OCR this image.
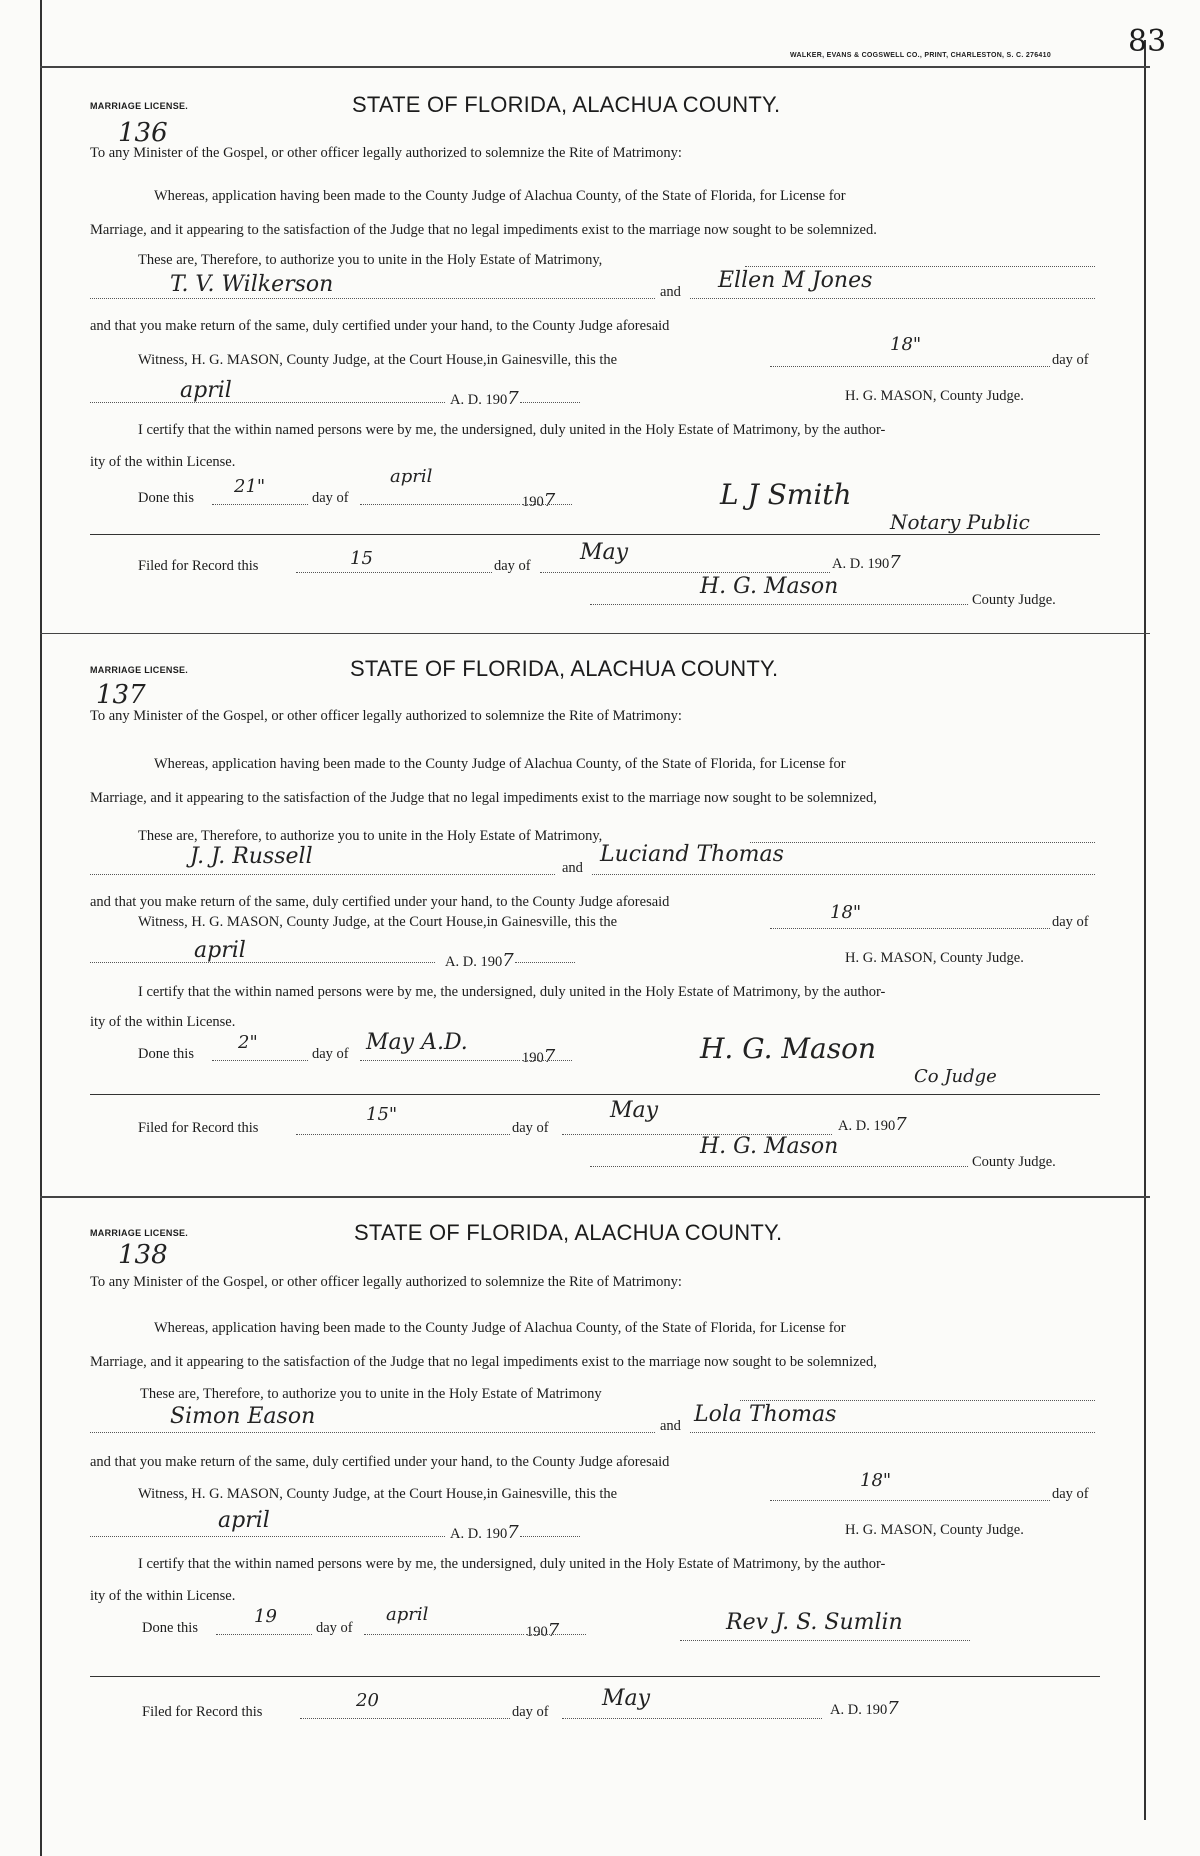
WALKER, EVANS & COGSWELL CO., PRINT, CHARLESTON, S. C. 276410	83
MARRIAGE LICENSE.
136
STATE OF FLORIDA, ALACHUA COUNTY.
To any Minister of the Gospel, or other officer legally authorized to solemnize the Rite of Matrimony:
Whereas, application having been made to the County Judge of Alachua County, of the State of Florida, for License for
Marriage, and it appearing to the satisfaction of the Judge that no legal impediments exist to the marriage now sought to be solemnized.
These are, Therefore, to authorize you to unite in the Holy Estate of Matrimony,
T. V. Wilkerson	and Ellen M Jones
and that you make return of the same, duly certified under your hand, to the County Judge aforesaid
Witness, H. G. MASON, County Judge, at the Court House,in Gainesville, this the
18"
day of
april	A. D. 1907	H. G. MASON, County Judge.
I certify that the within named persons were by me, the undersigned, duly united in the Holy Estate of Matrimony, by the author-
ity of the within License.
Done this
21"
day of
april
1907	L J Smith
Notary Public
Filed for Record this	15	day of
May	A. D. 1907
H. G. Mason
County Judge.
MARRIAGE LICENSE.
137
STATE OF FLORIDA, ALACHUA COUNTY.
To any Minister of the Gospel, or other officer legally authorized to solemnize the Rite of Matrimony:
Whereas, application having been made to the County Judge of Alachua County, of the State of Florida, for License for
Marriage, and it appearing to the satisfaction of the Judge that no legal impediments exist to the marriage now sought to be solemnized,
These are, Therefore, to authorize you to unite in the Holy Estate of Matrimony,
J. J. Russell	and
Luciand Thomas
and that you make return of the same, duly certified under your hand, to the County Judge aforesaid
Witness, H. G. MASON, County Judge, at the Court House,in Gainesville, this the	18"	day of
april	A. D. 1907	H. G. MASON, County Judge.
I certify that the within named persons were by me, the undersigned, duly united in the Holy Estate of Matrimony, by the author-
ity of the within License.
Done this
2"
day of May A.D.
1907	H. G. Mason
Co Judge
Filed for Record this
15"
day of
May
A. D. 1907
H. G. Mason
County Judge.
MARRIAGE LICENSE.
138
STATE OF FLORIDA, ALACHUA COUNTY.
To any Minister of the Gospel, or other officer legally authorized to solemnize the Rite of Matrimony:
Whereas, application having been made to the County Judge of Alachua County, of the State of Florida, for License for
Marriage, and it appearing to the satisfaction of the Judge that no legal impediments exist to the marriage now sought to be solemnized,
These are, Therefore, to authorize you to unite in the Holy Estate of Matrimony
Simon Eason	and Lola Thomas
and that you make return of the same, duly certified under your hand, to the County Judge aforesaid
Witness, H. G. MASON, County Judge, at the Court House,in Gainesville, this the
18"
day of
april
A. D. 1907	H. G. MASON, County Judge.
I certify that the within named persons were by me, the undersigned, duly united in the Holy Estate of Matrimony, by the author-
ity of the within License.
Done this
19
day of
april
1907	Rev J. S. Sumlin
Filed for Record this
20
day of
May	A. D. 1907
